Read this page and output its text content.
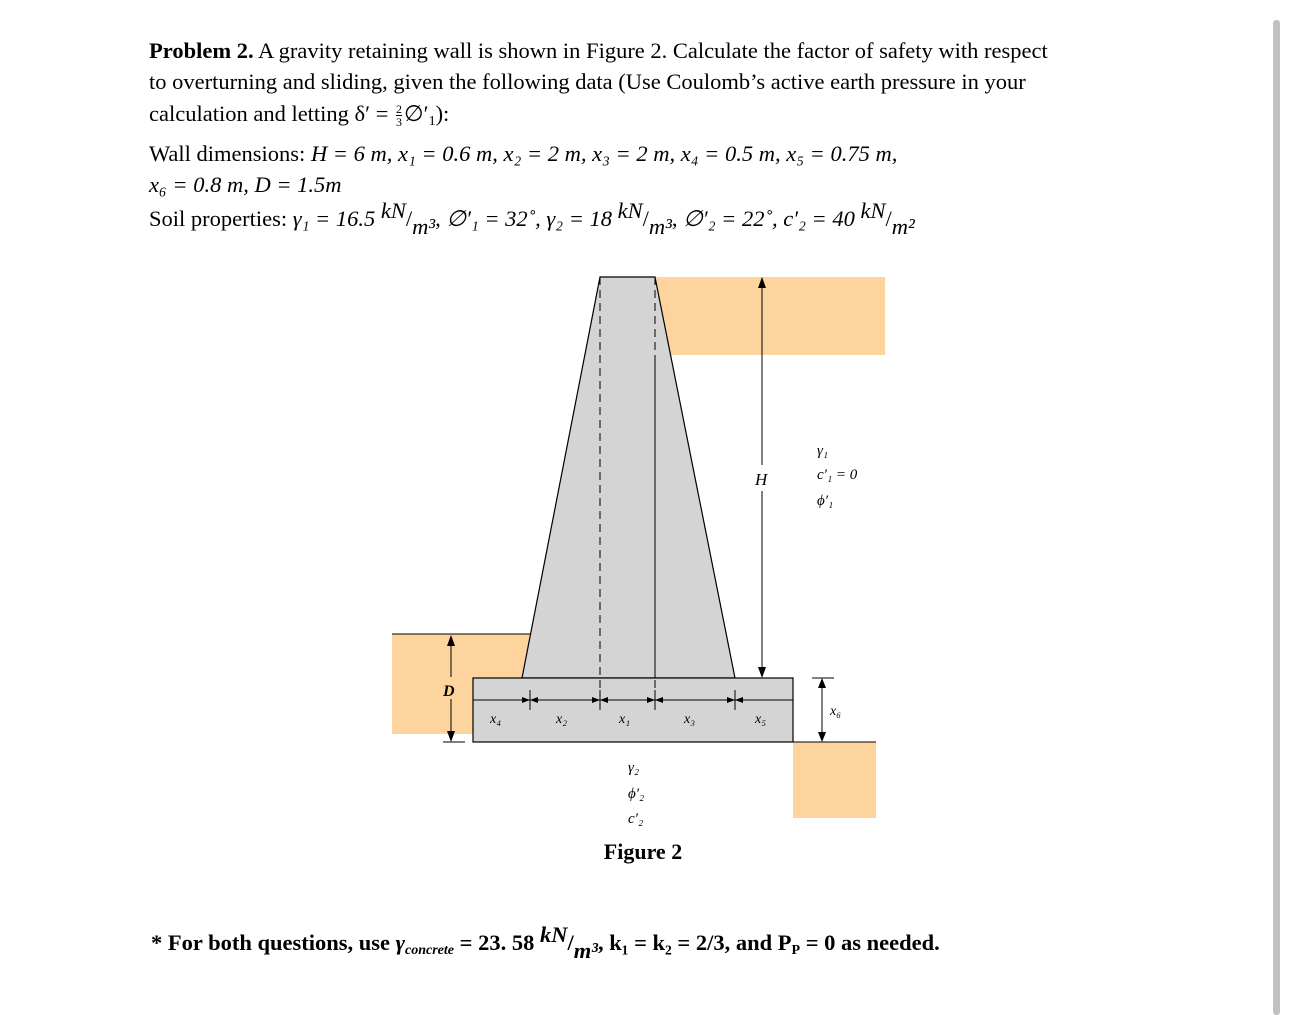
Problem 2. A gravity retaining wall is shown in Figure 2. Calculate the factor of safety with respect
to overturning and sliding, given the following data (Use Coulomb’s active earth pressure in your
calculation and letting $\delta' = \frac{2}{3}$ $\emptyset'_1$):
Wall dimensions: H = 6 m, x₁ = 0.6 m, x₂ = 2 m, x₃ = 2 m, x₄ = 0.5 m, x₅ = 0.75 m,
x₆ = 0.8 m, D = 1.5m
Soil properties: γ₁ = 16.5 kN/m³, ∅′₁ = 32˚, γ₂ = 18 kN/m³, ∅′₂ = 22˚, c′₂ = 40 kN/m²
H
D
γ₁
c′₁ = 0
ϕ′₁
x₄	x₂	x₁	x₃	x₅
x₆
γ₂
ϕ′₂
c′₂
Figure 2
* For both questions, use $\gamma_{concrete} = 23$. 58 kN/m³, k₁ = k₂ = 2/3, and $P_P = 0$ as needed.
